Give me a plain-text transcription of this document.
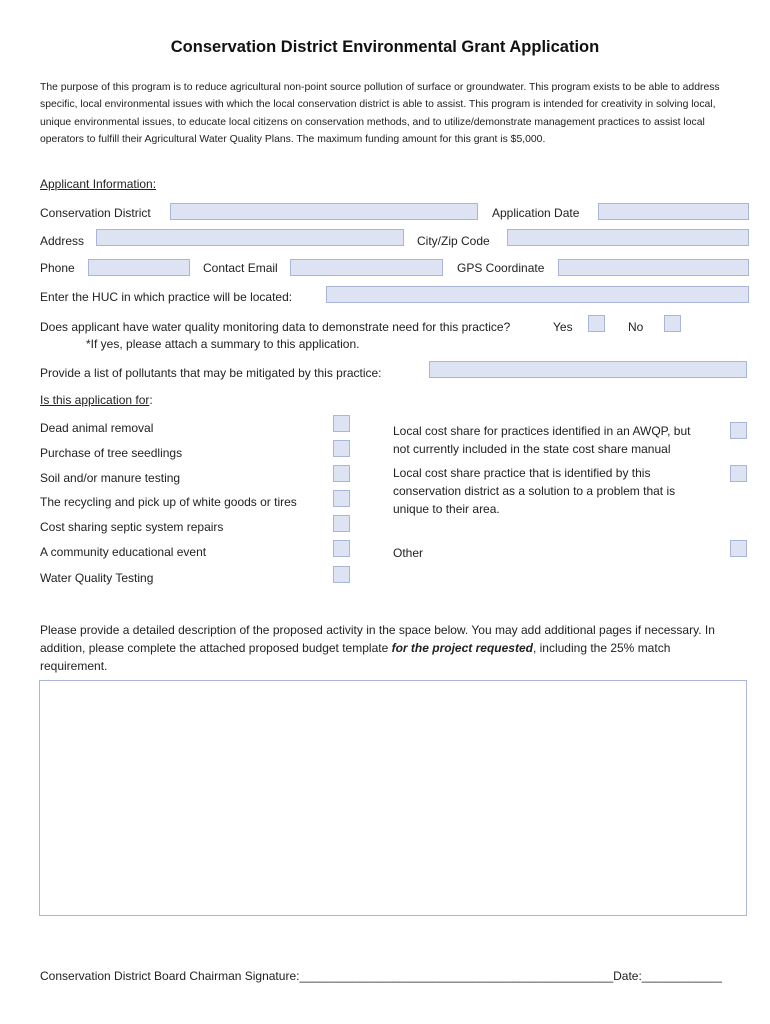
Conservation District Environmental Grant Application
The purpose of this program is to reduce agricultural non-point source pollution of surface or groundwater. This program exists to be able to address specific, local environmental issues with which the local conservation district is able to assist. This program is intended for creativity in solving local, unique environmental issues, to educate local citizens on conservation methods, and to utilize/demonstrate management practices to assist local operators to fulfill their Agricultural Water Quality Plans. The maximum funding amount for this grant is $5,000.
Applicant Information:
Conservation District	Application Date
Address	City/Zip Code
Phone	Contact Email	GPS Coordinate
Enter the HUC in which practice will be located:
Does applicant have water quality monitoring data to demonstrate need for this practice?	Yes	No
*If yes, please attach a summary to this application.
Provide a list of pollutants that may be mitigated by this practice:
Is this application for:
Dead animal removal
Purchase of tree seedlings
Soil and/or manure testing
The recycling and pick up of white goods or tires
Cost sharing septic system repairs
A community educational event
Water Quality Testing
Local cost share for practices identified in an AWQP, but
not currently included in the state cost share manual
Local cost share practice that is identified by this
conservation district as a solution to a problem that is
unique to their area.
Other
Please provide a detailed description of the proposed activity in the space below. You may add additional pages if necessary. In addition, please complete the attached proposed budget template for the project requested, including the 25% match requirement.
Conservation District Board Chairman Signature:_______________________________________________Date:____________
